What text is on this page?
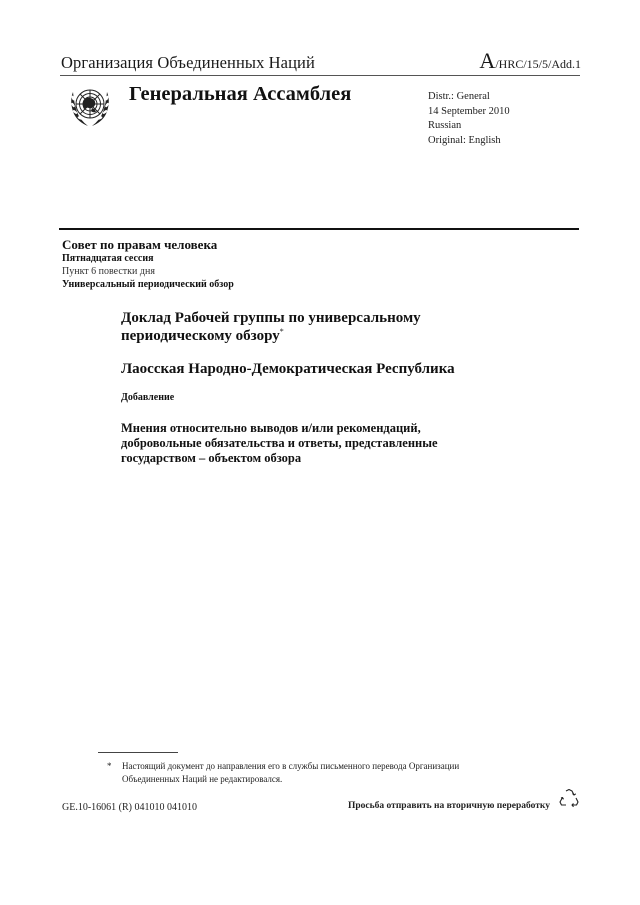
Организация Объединенных Наций	A/HRC/15/5/Add.1
Генеральная Ассамблея	Distr.: General
14 September 2010
Russian
Original: English
Совет по правам человека
Пятнадцатая сессия
Пункт 6 повестки дня
Универсальный периодический обзор
Доклад Рабочей группы по универсальному периодическому обзору*
Лаосская Народно-Демократическая Республика
Добавление
Мнения относительно выводов и/или рекомендаций, добровольные обязательства и ответы, представленные государством – объектом обзора
* Настоящий документ до направления его в службы письменного перевода Организации Объединенных Наций не редактировался.
GE.10-16061 (R) 041010 041010	Просьба отправить на вторичную переработку
